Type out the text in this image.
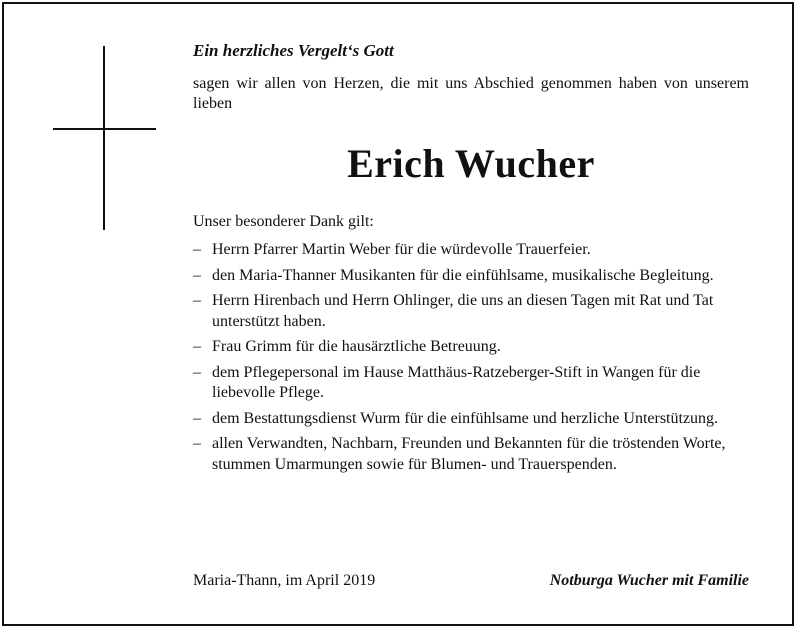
Ein herzliches Vergelt‘s Gott

sagen wir allen von Herzen, die mit uns Abschied genommen haben von unserem lieben

Erich Wucher

Unser besonderer Dank gilt:

– Herrn Pfarrer Martin Weber für die würdevolle Trauerfeier.
– den Maria-Thanner Musikanten für die einfühlsame, musikalische Begleitung.
– Herrn Hirenbach und Herrn Ohlinger, die uns an diesen Tagen mit Rat und Tat unterstützt haben.
– Frau Grimm für die hausärztliche Betreuung.
– dem Pflegepersonal im Hause Matthäus-Ratzeberger-Stift in Wangen für die liebevolle Pflege.
– dem Bestattungsdienst Wurm für die einfühlsame und herzliche Unterstützung.
– allen Verwandten, Nachbarn, Freunden und Bekannten für die tröstenden Worte, stummen Umarmungen sowie für Blumen- und Trauerspenden.
Maria-Thann, im April 2019	Notburga Wucher mit Familie
